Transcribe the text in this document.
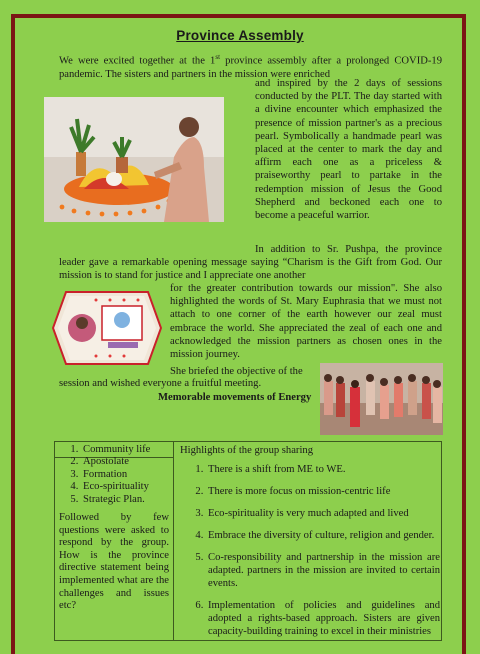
Province Assembly

We were excited together at the 1st province assembly after a prolonged COVID-19 pandemic. The sisters and partners in the mission were enriched

and inspired by the 2 days of sessions conducted by the PLT. The day started with a divine encounter which emphasized the presence of mission partner's as a precious pearl. Symbolically a handmade pearl was placed at the center to mark the day and affirm each one as a priceless & praiseworthy pearl to partake in the redemption mission of Jesus the Good Shepherd and beckoned each one to become a peaceful warrior.

In addition to Sr. Pushpa, the province leader gave a remarkable opening message saying “Charism is the Gift from God. Our mission is to stand for justice and I appreciate one another

for the greater contribution towards our mission". She also highlighted the words of St. Mary Euphrasia that we must not attach to one corner of the earth however our zeal must embrace the world. She appreciated the zeal of each one and acknowledged the mission partners as chosen ones in the mission journey.

She briefed the objective of the

session and wished everyone a fruitful meeting.

Memorable movements of Energy
1. Community life
2. Apostolate
3. Formation
4. Eco-spirituality
5. Strategic Plan.

Followed by few questions were asked to respond by the group. How is the province directive statement being implemented what are the challenges and issues etc?

Highlights of the group sharing
1. There is a shift from ME to WE.
2. There is more focus on mission-centric life
3. Eco-spirituality is very much adapted and lived
4. Embrace the diversity of culture, religion and gender.
5. Co-responsibility and partnership in the mission are adapted. partners in the mission are invited to certain events.
6. Implementation of policies and guidelines and adopted a rights-based approach. Sisters are given capacity-building training to excel in their ministries
